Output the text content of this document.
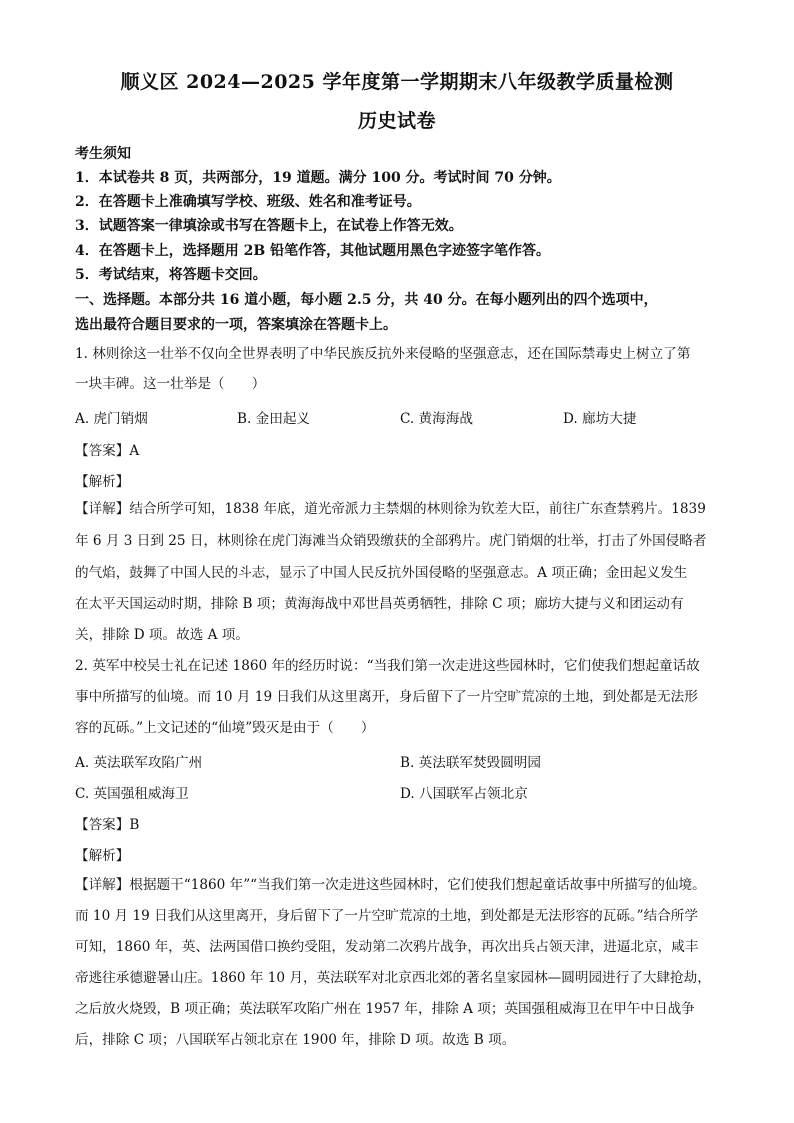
顺义区 2024—2025 学年度第一学期期末八年级教学质量检测
历史试卷
考生须知
1．本试卷共 8 页，共两部分，19 道题。满分 100 分。考试时间 70 分钟。
2．在答题卡上准确填写学校、班级、姓名和准考证号。
3．试题答案一律填涂或书写在答题卡上，在试卷上作答无效。
4．在答题卡上，选择题用 2B 铅笔作答，其他试题用黑色字迹签字笔作答。
5．考试结束，将答题卡交回。
一、选择题。本部分共 16 道小题，每小题 2.5 分，共 40 分。在每小题列出的四个选项中，
选出最符合题目要求的一项，答案填涂在答题卡上。
1. 林则徐这一壮举不仅向全世界表明了中华民族反抗外来侵略的坚强意志，还在国际禁毒史上树立了第
一块丰碑。这一壮举是（　　）
A. 虎门销烟	B. 金田起义	C. 黄海海战	D. 廊坊大捷
【答案】A
【解析】
【详解】结合所学可知，1838 年底，道光帝派力主禁烟的林则徐为钦差大臣，前往广东查禁鸦片。1839
年 6 月 3 日到 25 日，林则徐在虎门海滩当众销毁缴获的全部鸦片。虎门销烟的壮举，打击了外国侵略者
的气焰，鼓舞了中国人民的斗志，显示了中国人民反抗外国侵略的坚强意志。A 项正确；金田起义发生
在太平天国运动时期，排除 B 项；黄海海战中邓世昌英勇牺牲，排除 C 项；廊坊大捷与义和团运动有
关，排除 D 项。故选 A 项。
2. 英军中校吴士礼在记述 1860 年的经历时说：“当我们第一次走进这些园林时，它们使我们想起童话故
事中所描写的仙境。而 10 月 19 日我们从这里离开，身后留下了一片空旷荒凉的土地，到处都是无法形
容的瓦砾。”上文记述的“仙境”毁灭是由于（　　）
A. 英法联军攻陷广州	B. 英法联军焚毁圆明园
C. 英国强租威海卫	D. 八国联军占领北京
【答案】B
【解析】
【详解】根据题干“1860 年”“当我们第一次走进这些园林时，它们使我们想起童话故事中所描写的仙境。
而 10 月 19 日我们从这里离开，身后留下了一片空旷荒凉的土地，到处都是无法形容的瓦砾。”结合所学
可知，1860 年，英、法两国借口换约受阻，发动第二次鸦片战争，再次出兵占领天津，进逼北京，咸丰
帝逃往承德避暑山庄。1860 年 10 月，英法联军对北京西北郊的著名皇家园林—圆明园进行了大肆抢劫，
之后放火烧毁，B 项正确；英法联军攻陷广州在 1957 年，排除 A 项；英国强租威海卫在甲午中日战争
后，排除 C 项；八国联军占领北京在 1900 年，排除 D 项。故选 B 项。
